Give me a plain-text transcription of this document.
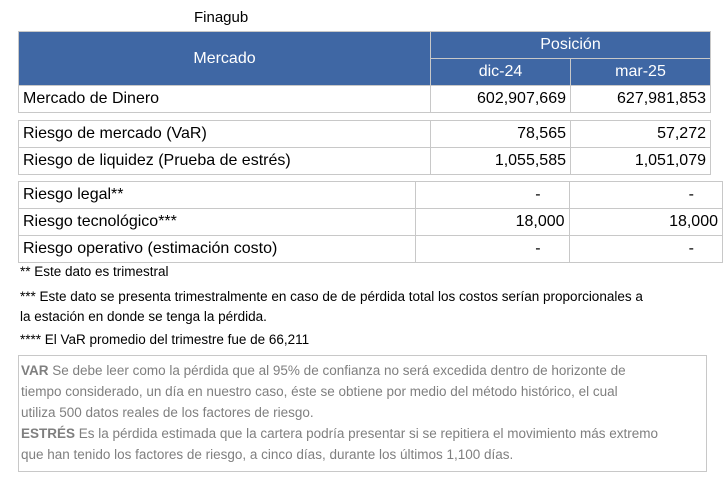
Finagub
Mercado	Posición	
	dic-24	mar-25
Mercado de Dinero	602,907,669	627,981,853
Riesgo de mercado (VaR)	78,565	57,272
Riesgo de liquidez (Prueba de estrés)	1,055,585	1,051,079
Riesgo legal**	-	-
Riesgo tecnológico***	18,000	18,000
Riesgo operativo (estimación costo)	-	-
** Este dato es trimestral
*** Este dato se presenta trimestralmente en caso de de pérdida total los costos serían proporcionales a
la estación en donde se tenga la pérdida.
**** El VaR promedio del trimestre fue de 66,211
VAR Se debe leer como la pérdida que al 95% de confianza no será excedida dentro de horizonte de
tiempo considerado, un día en nuestro caso, éste se obtiene por medio del método histórico, el cual
utiliza 500 datos reales de los factores de riesgo.
ESTRÉS Es la pérdida estimada que la cartera podría presentar si se repitiera el movimiento más extremo
que han tenido los factores de riesgo, a cinco días, durante los últimos 1,100 días.
